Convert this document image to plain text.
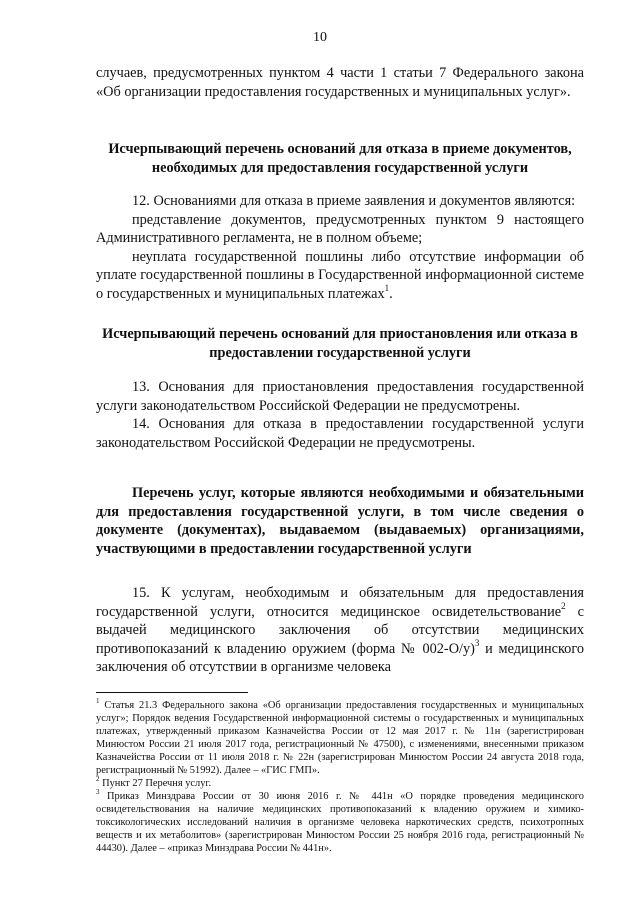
10

случаев, предусмотренных пунктом 4 части 1 статьи 7 Федерального закона «Об организации предоставления государственных и муниципальных услуг».

Исчерпывающий перечень оснований для отказа в приеме документов, необходимых для предоставления государственной услуги

12. Основаниями для отказа в приеме заявления и документов являются:

представление документов, предусмотренных пунктом 9 настоящего Административного регламента, не в полном объеме;

неуплата государственной пошлины либо отсутствие информации об уплате государственной пошлины в Государственной информационной системе о государственных и муниципальных платежах$^1$.

Исчерпывающий перечень оснований для приостановления или отказа в предоставлении государственной услуги

13. Основания для приостановления предоставления государственной услуги законодательством Российской Федерации не предусмотрены.

14. Основания для отказа в предоставлении государственной услуги законодательством Российской Федерации не предусмотрены.

Перечень услуг, которые являются необходимыми и обязательными для предоставления государственной услуги, в том числе сведения о документе (документах), выдаваемом (выдаваемых) организациями, участвующими в предоставлении государственной услуги

15. К услугам, необходимым и обязательным для предоставления государственной услуги, относится медицинское освидетельствование$^2$ с выдачей медицинского заключения об отсутствии медицинских противопоказаний к владению оружием (форма № 002-О/у)$^3$ и медицинского заключения об отсутствии в организме человека

$^1$ Статья 21.3 Федерального закона «Об организации предоставления государственных и муниципальных услуг»; Порядок ведения Государственной информационной системы о государственных и муниципальных платежах, утвержденный приказом Казначейства России от 12 мая 2017 г. № 11н (зарегистрирован Минюстом России 21 июля 2017 года, регистрационный № 47500), с изменениями, внесенными приказом Казначейства России от 11 июля 2018 г. № 22н (зарегистрирован Минюстом России 24 августа 2018 года, регистрационный № 51992). Далее – «ГИС ГМП».

$^2$ Пункт 27 Перечня услуг.

$^3$ Приказ Минздрава России от 30 июня 2016 г. № 441н «О порядке проведения медицинского освидетельствования на наличие медицинских противопоказаний к владению оружием и химико-токсикологических исследований наличия в организме человека наркотических средств, психотропных веществ и их метаболитов» (зарегистрирован Минюстом России 25 ноября 2016 года, регистрационный № 44430). Далее – «приказ Минздрава России № 441н».
